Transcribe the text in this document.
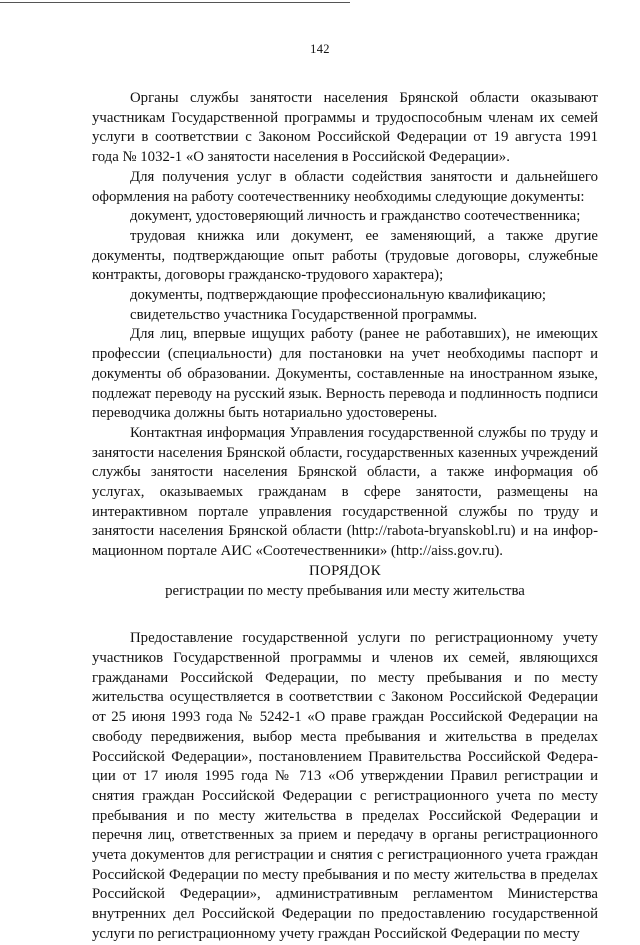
142

Органы службы занятости населения Брянской области оказывают участникам Государственной программы и трудоспособным членам их семей услуги в соответствии с Законом Российской Федерации от 19 августа 1991 года № 1032-1 «О занятости населения в Российской Федерации».

Для получения услуг в области содействия занятости и дальнейшего оформления на работу соотечественнику необходимы следующие документы:

документ, удостоверяющий личность и гражданство соотечественника;

трудовая книжка или документ, ее заменяющий, а также другие документы, подтверждающие опыт работы (трудовые договоры, служебные контракты, договоры гражданско-трудового характера);

документы, подтверждающие профессиональную квалификацию;

свидетельство участника Государственной программы.

Для лиц, впервые ищущих работу (ранее не работавших), не имеющих профессии (специальности) для постановки на учет необходимы паспорт и документы об образовании. Документы, составленные на иностранном языке, подлежат переводу на русский язык. Верность перевода и подлинность подписи переводчика должны быть нотариально удостоверены.

Контактная информация Управления государственной службы по труду и занятости населения Брянской области, государственных казенных учреждений службы занятости населения Брянской области, а также информация об услугах, оказываемых гражданам в сфере занятости, размещены на интерактивном портале управления государственной службы по труду и занятости населения Брянской области (http://rabota-bryanskobl.ru) и на информационном портале АИС «Соотечественники» (http://aiss.gov.ru).

ПОРЯДОК

регистрации по месту пребывания или месту жительства

Предоставление государственной услуги по регистрационному учету участников Государственной программы и членов их семей, являющихся гражданами Российской Федерации, по месту пребывания и по месту жительства осуществляется в соответствии с Законом Российской Федерации от 25 июня 1993 года № 5242-1 «О праве граждан Российской Федерации на свободу передвижения, выбор места пребывания и жительства в пределах Российской Федерации», постановлением Правительства Российской Федерации от 17 июля 1995 года № 713 «Об утверждении Правил регистрации и снятия граждан Российской Федерации с регистрационного учета по месту пребывания и по месту жительства в пределах Российской Федерации и перечня лиц, ответственных за прием и передачу в органы регистрационного учета документов для регистрации и снятия с регистрационного учета граждан Российской Федерации по месту пребывания и по месту жительства в пределах Российской Федерации», административным регламентом Министерства внутренних дел Российской Федерации по предоставлению государственной услуги по регистрационному учету граждан Российской Федерации по месту
